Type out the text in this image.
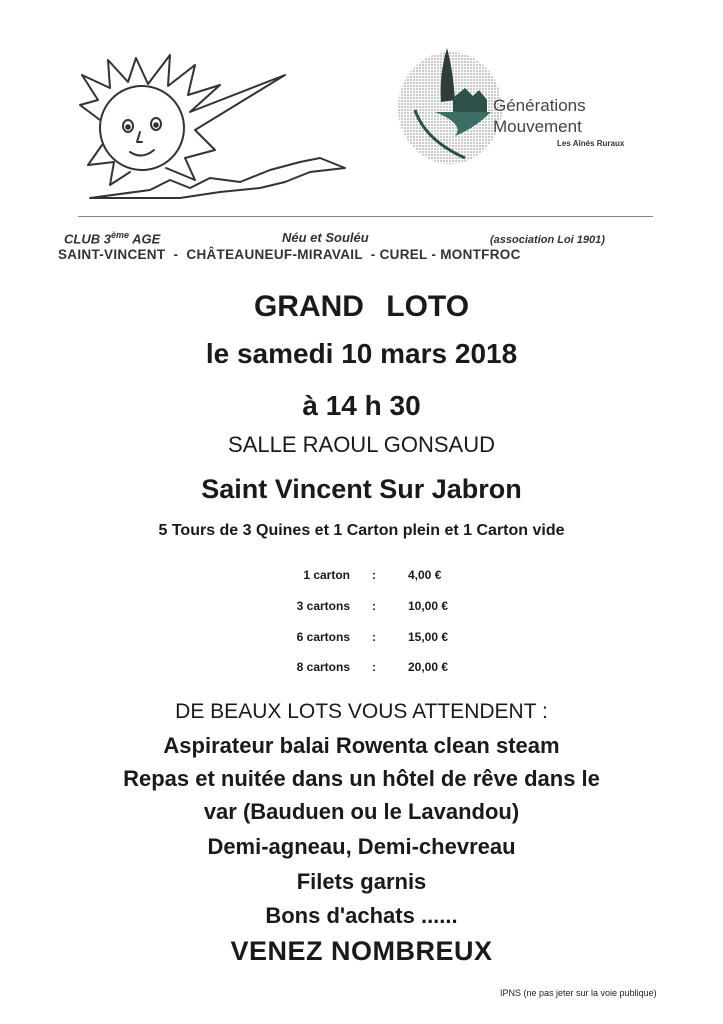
Générations
Mouvement
Les Aînés Ruraux
CLUB 3ème AGE	Néu et Souléu	(association Loi 1901)
SAINT-VINCENT  -  CHÂTEAUNEUF-MIRAVAIL  - CUREL - MONTFROC
GRAND LOTO
le samedi 10 mars 2018
à 14 h 30
SALLE RAOUL GONSAUD
Saint Vincent Sur Jabron
5 Tours de 3 Quines et 1 Carton plein et 1 Carton vide
1 carton :	4,00 €
3 cartons :	10,00 €
6 cartons :	15,00 €
8 cartons :	20,00 €
DE BEAUX LOTS VOUS ATTENDENT :
Aspirateur balai Rowenta clean steam
Repas et nuitée dans un hôtel de rêve dans le
var (Bauduen ou le Lavandou)
Demi-agneau, Demi-chevreau
Filets garnis
Bons d'achats ......
VENEZ NOMBREUX
IPNS (ne pas jeter sur la voie publique)
